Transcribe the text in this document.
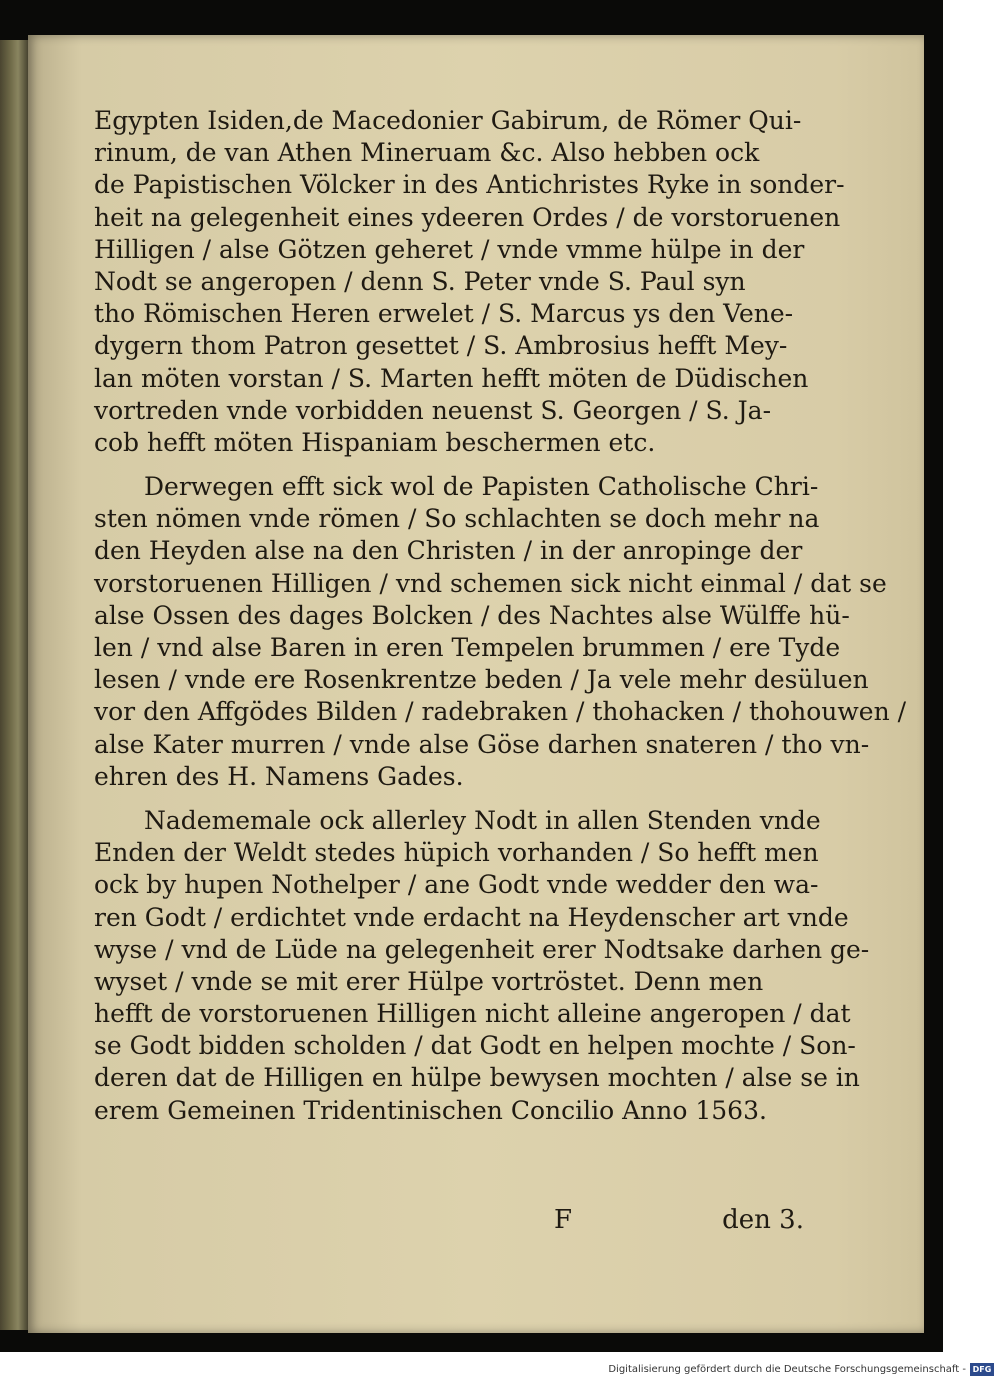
Egypten Isiden,de Macedonier Gabirum, de Römer Qui-
rinum, de van Athen Mineruam &c. Also hebben ock
de Papistischen Völcker in des Antichristes Ryke in sonder-
heit na gelegenheit eines ydeeren Ordes / de vorstoruenen
Hilligen / alse Götzen geheret / vnde vmme hülpe in der
Nodt se angeropen / denn S. Peter vnde S. Paul syn
tho Römischen Heren erwelet / S. Marcus ys den Vene-
dygern thom Patron gesettet / S. Ambrosius hefft Mey-
lan möten vorstan / S. Marten hefft möten de Düdischen
vortreden vnde vorbidden neuenst S. Georgen / S. Ja-
cob hefft möten Hispaniam beschermen etc.
Derwegen efft sick wol de Papisten Catholische Chri-
sten nömen vnde römen / So schlachten se doch mehr na
den Heyden alse na den Christen / in der anropinge der
vorstoruenen Hilligen / vnd schemen sick nicht einmal / dat se
alse Ossen des dages Bolcken / des Nachtes alse Wülffe hü-
len / vnd alse Baren in eren Tempelen brummen / ere Tyde
lesen / vnde ere Rosenkrentze beden / Ja vele mehr desüluen
vor den Affgödes Bilden / radebraken / thohacken / thohouwen /
alse Kater murren / vnde alse Göse darhen snateren / tho vn-
ehren des H. Namens Gades.
Nadememale ock allerley Nodt in allen Stenden vnde
Enden der Weldt stedes hüpich vorhanden / So hefft men
ock by hupen Nothelper / ane Godt vnde wedder den wa-
ren Godt / erdichtet vnde erdacht na Heydenscher art vnde
wyse / vnd de Lüde na gelegenheit erer Nodtsake darhen ge-
wyset / vnde se mit erer Hülpe vortröstet. Denn men
hefft de vorstoruenen Hilligen nicht alleine angeropen / dat
se Godt bidden scholden / dat Godt en helpen mochte / Son-
deren dat de Hilligen en hülpe bewysen mochten / alse se in
erem Gemeinen Tridentinischen Concilio Anno 1563.
F	den 3.
Digitalisierung gefördert durch die Deutsche Forschungsgemeinschaft - DFG
